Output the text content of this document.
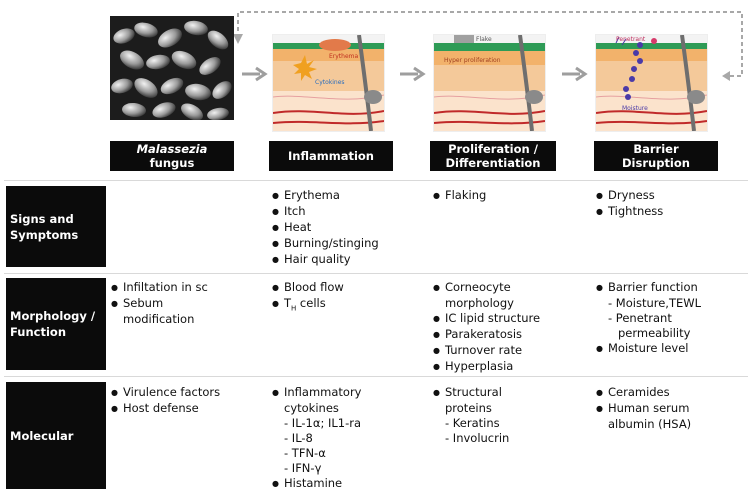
Erythema
Cytokines
Flake
Hyper proliferation
Penetrant
Moisture
Malassezia
fungus	Inflammation	Proliferation /
Differentiation
Barrier
Disruption
Signs and
Symptoms
Morphology /
Function
Molecular
● Erythema
● Itch
● Heat
● Burning/stinging
● Hair quality
● Flaking
●	Dryness
● Tightness
● Infiltation in sc
● Sebum
modification
● Blood flow
● $T_H$ cells
● Corneocyte
morphology
● IC lipid structure
● Parakeratosis
● Turnover rate
● Hyperplasia
● Barrier function
- Moisture,TEWL
- Penetrant
permeability
● Moisture level
● Virulence factors
● Host defense
● Inflammatory
cytokines
- IL-1α; IL1-ra
- IL-8
- TFN-α
- IFN-γ
● Histamine
● Structural
proteins
- Keratins
- Involucrin
● Ceramides
● Human serum
albumin (HSA)
